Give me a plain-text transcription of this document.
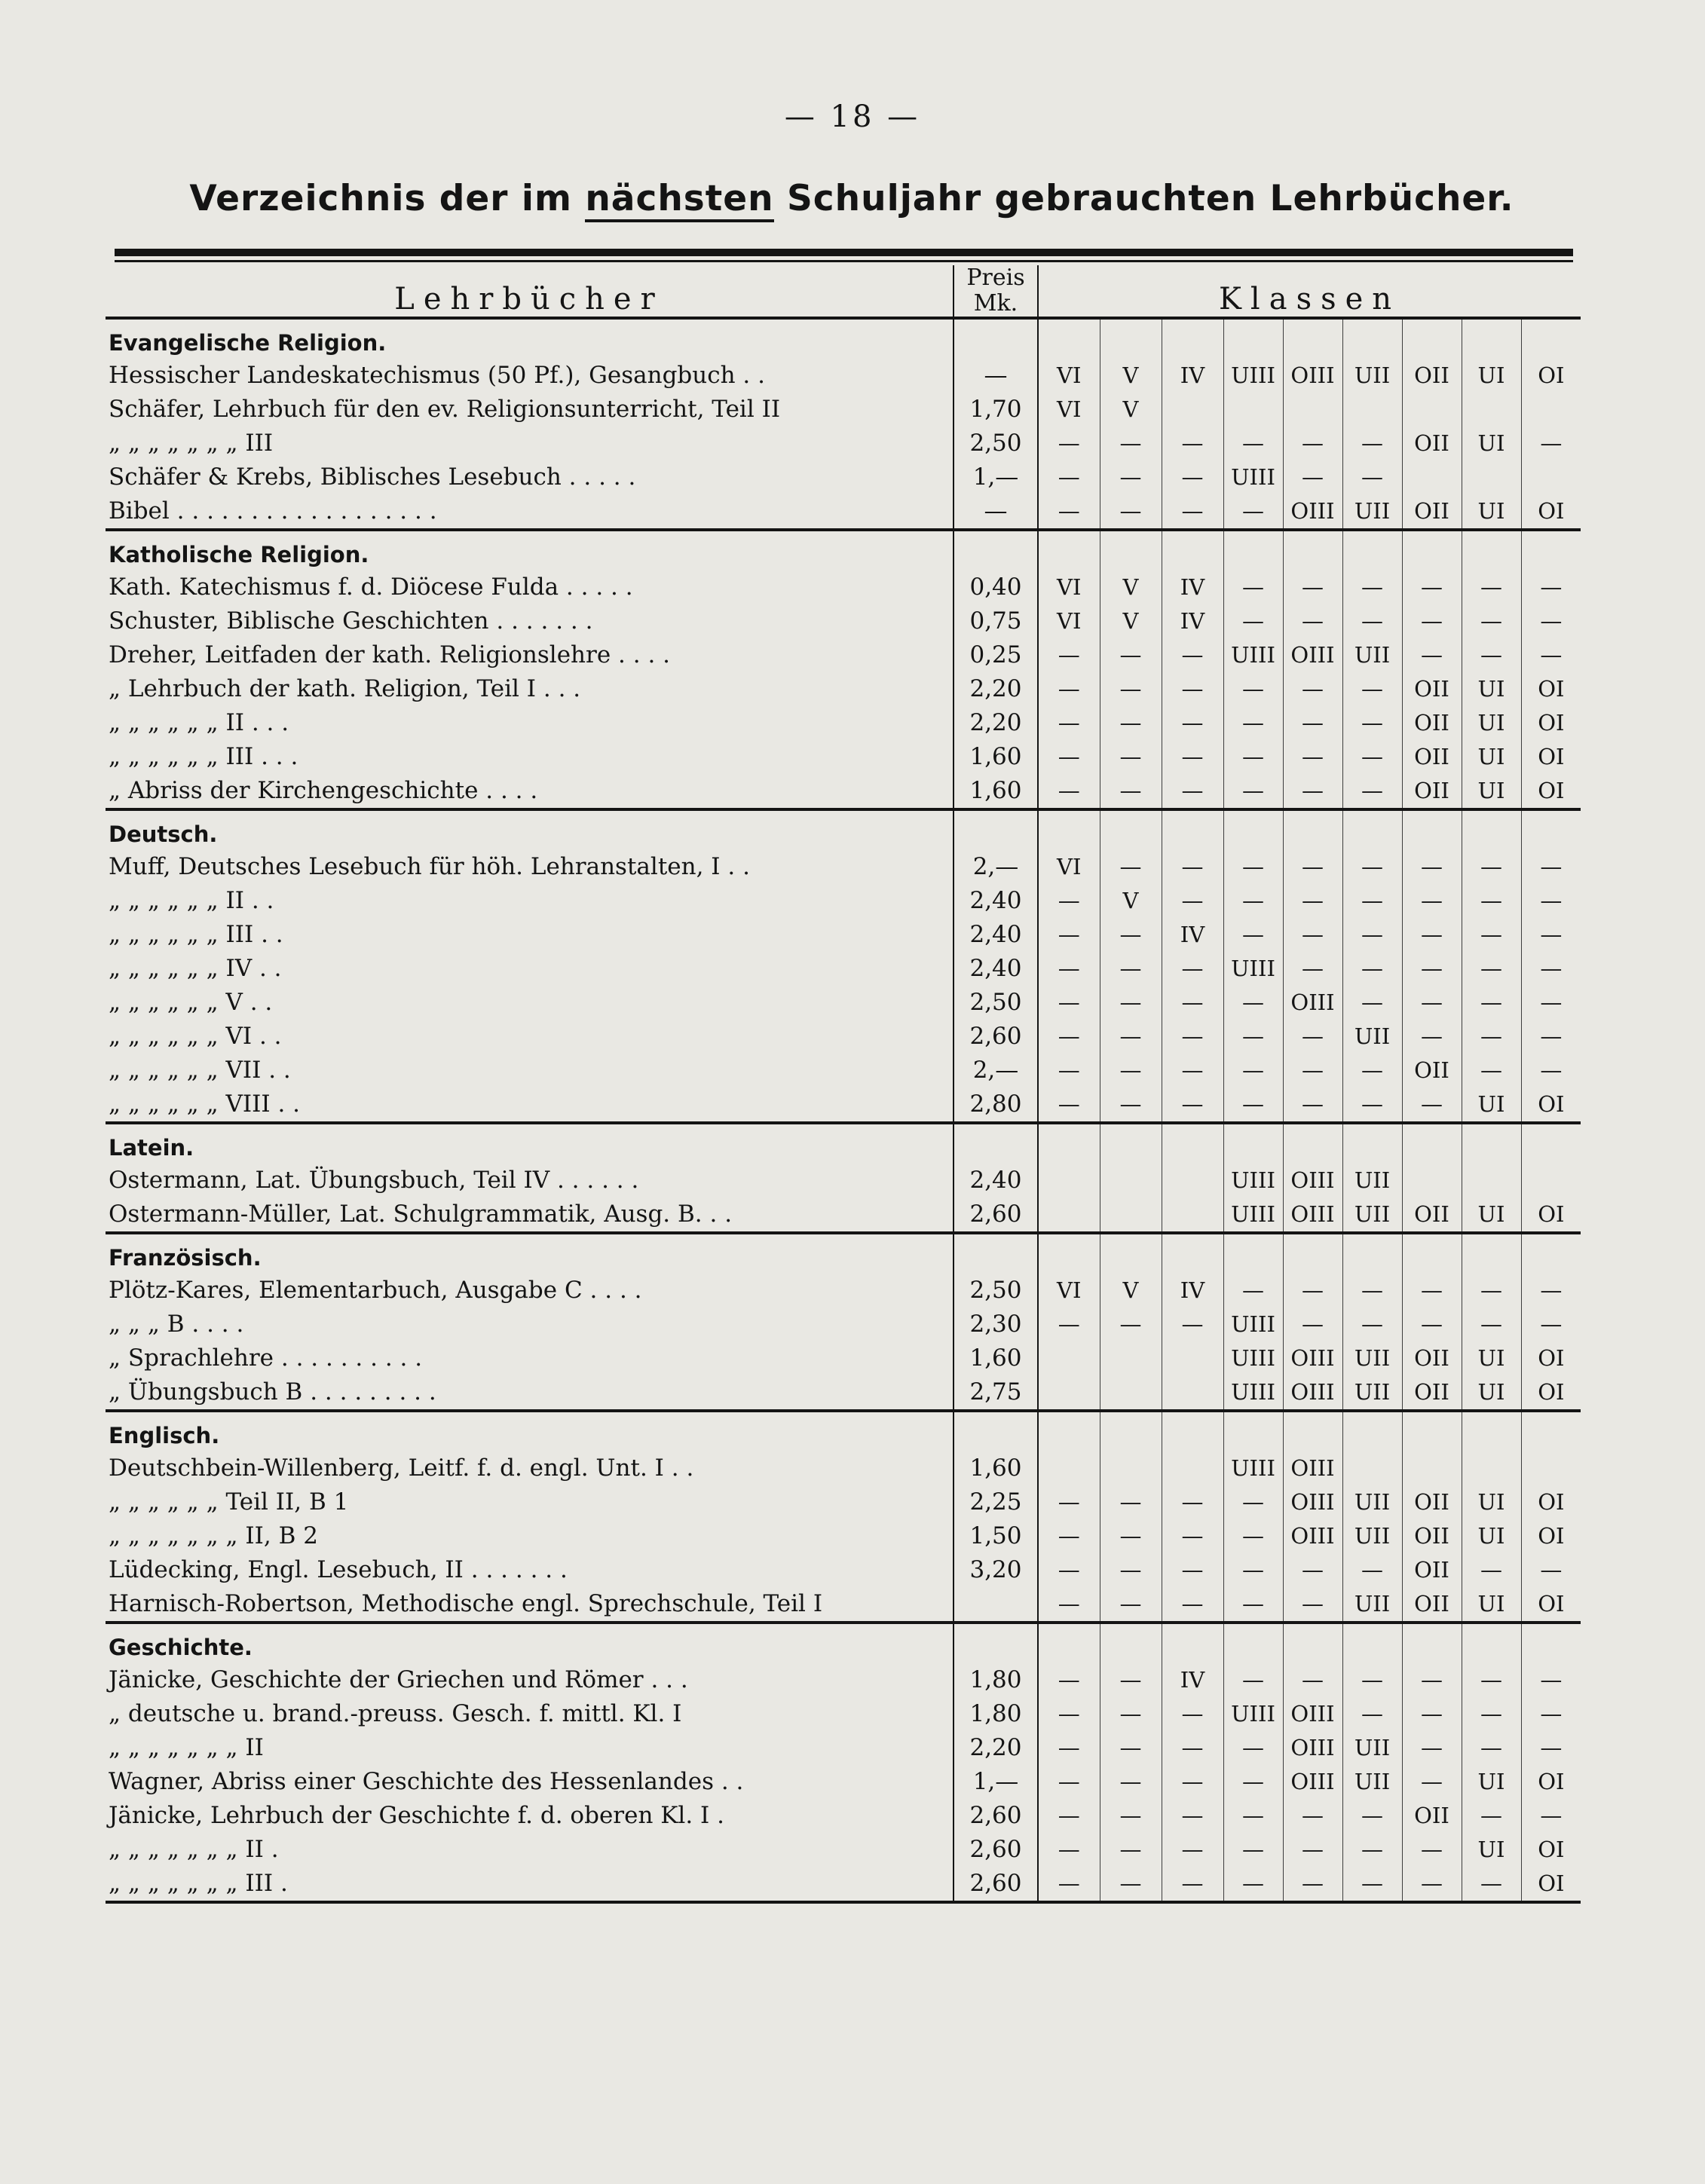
— 18 —
Verzeichnis der im nächsten Schuljahr gebrauchten Lehrbücher.
Lehrbücher	Preis
Mk.	Klassen								
Evangelische Religion.										
Hessischer Landeskatechismus (50 Pf.), Gesangbuch . .	—	VI	V	IV	UIII	OIII	UII	OII	UI	OI
Schäfer, Lehrbuch für den ev. Religionsunterricht, Teil II	1,70	VI	V							
„ „ „ „ „ „ „ III	2,50	—	—	—	—	—	—	OII	UI	—
Schäfer & Krebs, Biblisches Lesebuch . . . . .	1,—	—	—	—	UIII	—	—			
Bibel . . . . . . . . . . . . . . . . . .	—	—	—	—	—	OIII	UII	OII	UI	OI
Katholische Religion.										
Kath. Katechismus f. d. Diöcese Fulda . . . . .	0,40	VI	V	IV	—	—	—	—	—	—
Schuster, Biblische Geschichten . . . . . . .	0,75	VI	V	IV	—	—	—	—	—	—
Dreher, Leitfaden der kath. Religionslehre . . . .	0,25	—	—	—	UIII	OIII	UII	—	—	—
„ Lehrbuch der kath. Religion, Teil I . . .	2,20	—	—	—	—	—	—	OII	UI	OI
„ „ „ „ „ „ II . . .	2,20	—	—	—	—	—	—	OII	UI	OI
„ „ „ „ „ „ III . . .	1,60	—	—	—	—	—	—	OII	UI	OI
„ Abriss der Kirchengeschichte . . . .	1,60	—	—	—	—	—	—	OII	UI	OI
Deutsch.										
Muff, Deutsches Lesebuch für höh. Lehranstalten, I . .	2,—	VI	—	—	—	—	—	—	—	—
„ „ „ „ „ „ II . .	2,40	—	V	—	—	—	—	—	—	—
„ „ „ „ „ „ III . .	2,40	—	—	IV	—	—	—	—	—	—
„ „ „ „ „ „ IV . .	2,40	—	—	—	UIII	—	—	—	—	—
„ „ „ „ „ „ V . .	2,50	—	—	—	—	OIII	—	—	—	—
„ „ „ „ „ „ VI . .	2,60	—	—	—	—	—	UII	—	—	—
„ „ „ „ „ „ VII . .	2,—	—	—	—	—	—	—	OII	—	—
„ „ „ „ „ „ VIII . .	2,80	—	—	—	—	—	—	—	UI	OI
Latein.										
Ostermann, Lat. Übungsbuch, Teil IV . . . . . .	2,40				UIII	OIII	UII			
Ostermann-Müller, Lat. Schulgrammatik, Ausg. B. . .	2,60				UIII	OIII	UII	OII	UI	OI
Französisch.										
Plötz-Kares, Elementarbuch, Ausgabe C . . . .	2,50	VI	V	IV	—	—	—	—	—	—
„ „ „ B . . . .	2,30	—	—	—	UIII	—	—	—	—	—
„ Sprachlehre . . . . . . . . . .	1,60				UIII	OIII	UII	OII	UI	OI
„ Übungsbuch B . . . . . . . . .	2,75				UIII	OIII	UII	OII	UI	OI
Englisch.										
Deutschbein-Willenberg, Leitf. f. d. engl. Unt. I . .	1,60				UIII	OIII				
„ „ „ „ „ „ Teil II, B 1	2,25	—	—	—	—	OIII	UII	OII	UI	OI
„ „ „ „ „ „ „ II, B 2	1,50	—	—	—	—	OIII	UII	OII	UI	OI
Lüdecking, Engl. Lesebuch, II . . . . . . .	3,20	—	—	—	—	—	—	OII	—	—
Harnisch-Robertson, Methodische engl. Sprechschule, Teil I		—	—	—	—	—	UII	OII	UI	OI
Geschichte.										
Jänicke, Geschichte der Griechen und Römer . . .	1,80	—	—	IV	—	—	—	—	—	—
„ deutsche u. brand.-preuss. Gesch. f. mittl. Kl. I	1,80	—	—	—	UIII	OIII	—	—	—	—
„ „ „ „ „ „ „ II	2,20	—	—	—	—	OIII	UII	—	—	—
Wagner, Abriss einer Geschichte des Hessenlandes . .	1,—	—	—	—	—	OIII	UII	—	UI	OI
Jänicke, Lehrbuch der Geschichte f. d. oberen Kl. I .	2,60	—	—	—	—	—	—	OII	—	—
„ „ „ „ „ „ „ II .	2,60	—	—	—	—	—	—	—	UI	OI
„ „ „ „ „ „ „ III .	2,60	—	—	—	—	—	—	—	—	OI
